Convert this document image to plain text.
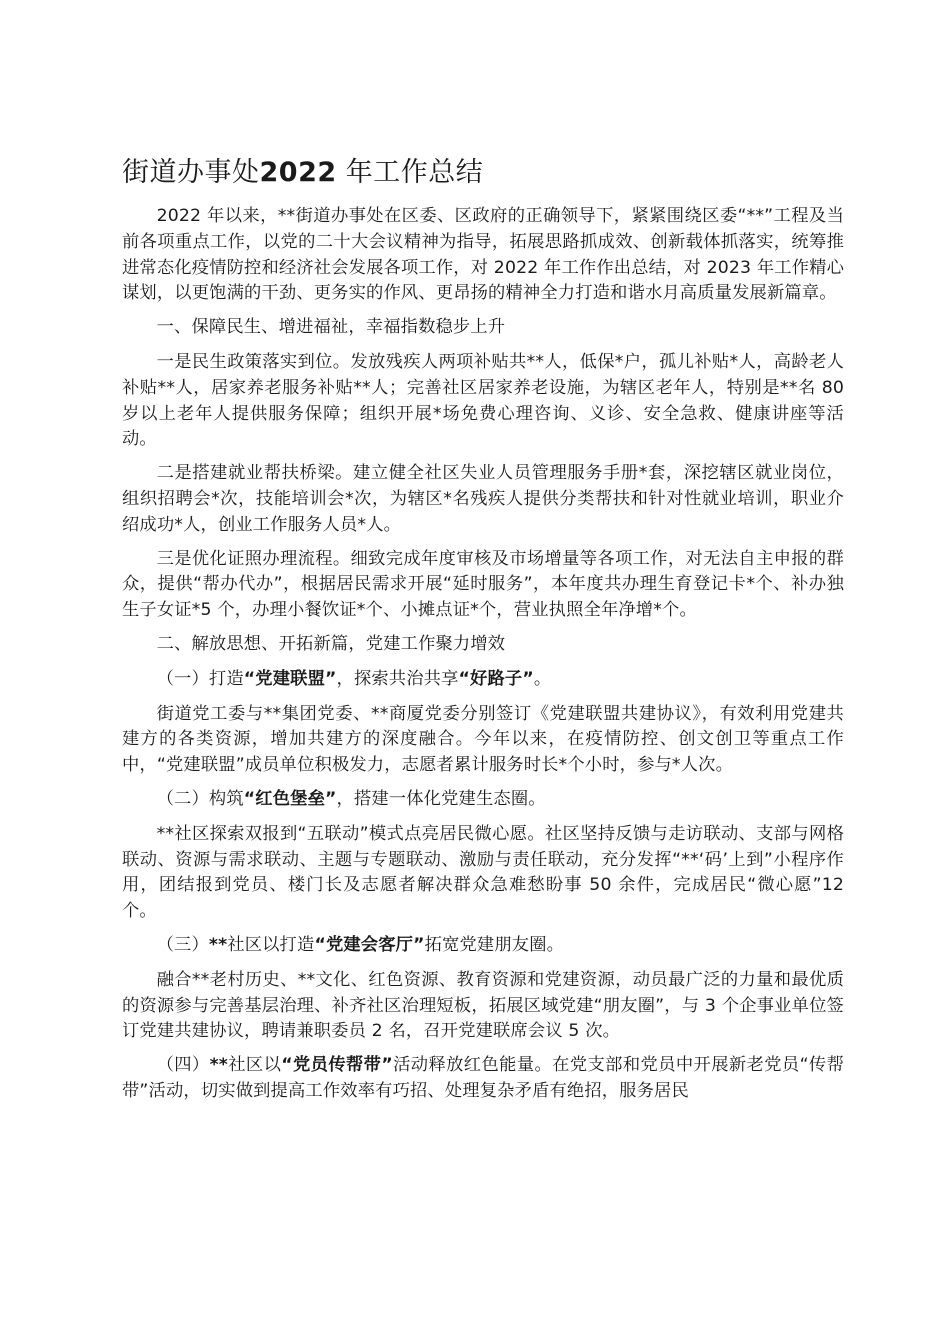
街道办事处2022 年工作总结

2022 年以来，**街道办事处在区委、区政府的正确领导下，紧紧围绕区委“**”工程及当前各项重点工作，以党的二十大会议精神为指导，拓展思路抓成效、创新载体抓落实，统筹推进常态化疫情防控和经济社会发展各项工作，对 2022 年工作作出总结，对 2023 年工作精心谋划，以更饱满的干劲、更务实的作风、更昂扬的精神全力打造和谐水月高质量发展新篇章。

一、保障民生、增进福祉，幸福指数稳步上升

一是民生政策落实到位。发放残疾人两项补贴共**人，低保*户，孤儿补贴*人，高龄老人补贴**人，居家养老服务补贴**人；完善社区居家养老设施，为辖区老年人，特别是**名 80 岁以上老年人提供服务保障；组织开展*场免费心理咨询、义诊、安全急救、健康讲座等活动。

二是搭建就业帮扶桥梁。建立健全社区失业人员管理服务手册*套，深挖辖区就业岗位，组织招聘会*次，技能培训会*次，为辖区*名残疾人提供分类帮扶和针对性就业培训，职业介绍成功*人，创业工作服务人员*人。

三是优化证照办理流程。细致完成年度审核及市场增量等各项工作，对无法自主申报的群众，提供“帮办代办”，根据居民需求开展“延时服务”，本年度共办理生育登记卡*个、补办独生子女证*5 个，办理小餐饮证*个、小摊点证*个，营业执照全年净增*个。

二、解放思想、开拓新篇，党建工作聚力增效

（一）打造“党建联盟”，探索共治共享“好路子”。

街道党工委与**集团党委、**商厦党委分别签订《党建联盟共建协议》，有效利用党建共建方的各类资源，增加共建方的深度融合。今年以来，在疫情防控、创文创卫等重点工作中，“党建联盟”成员单位积极发力，志愿者累计服务时长*个小时，参与*人次。

（二）构筑“红色堡垒”，搭建一体化党建生态圈。

**社区探索双报到“五联动”模式点亮居民微心愿。社区坚持反馈与走访联动、支部与网格联动、资源与需求联动、主题与专题联动、激励与责任联动，充分发挥“**‘码’上到”小程序作用，团结报到党员、楼门长及志愿者解决群众急难愁盼事 50 余件，完成居民“微心愿”12 个。

（三）**社区以打造“党建会客厅”拓宽党建朋友圈。

融合**老村历史、**文化、红色资源、教育资源和党建资源，动员最广泛的力量和最优质的资源参与完善基层治理、补齐社区治理短板，拓展区域党建“朋友圈”，与 3 个企事业单位签订党建共建协议，聘请兼职委员 2 名，召开党建联席会议 5 次。

（四）**社区以“党员传帮带”活动释放红色能量。在党支部和党员中开展新老党员“传帮带”活动，切实做到提高工作效率有巧招、处理复杂矛盾有绝招，服务居民
